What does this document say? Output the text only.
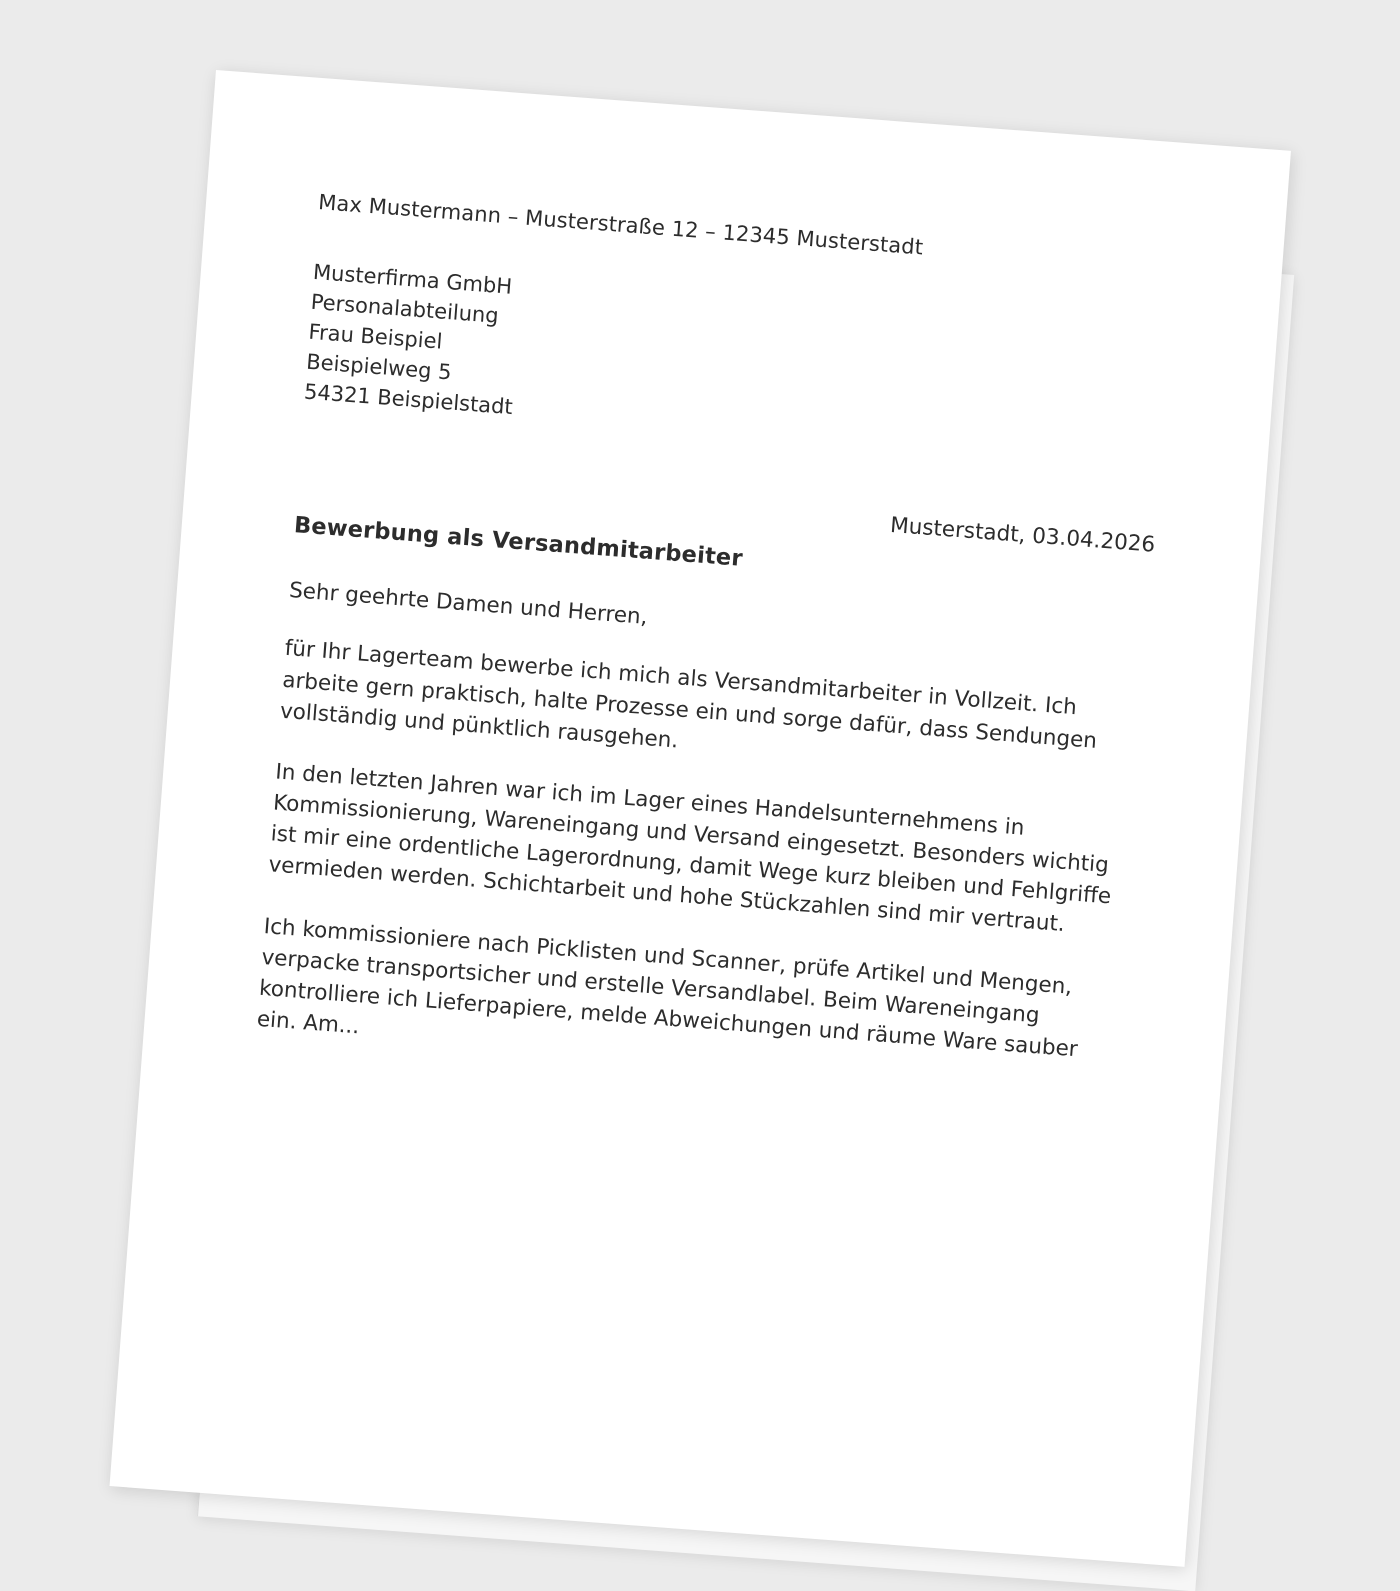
Max Mustermann – Musterstraße 12 – 12345 Musterstadt
Musterfirma GmbH
Personalabteilung
Frau Beispiel
Beispielweg 5
54321 Beispielstadt
Musterstadt, 03.04.2026
Bewerbung als Versandmitarbeiter
Sehr geehrte Damen und Herren,
für Ihr Lagerteam bewerbe ich mich als Versandmitarbeiter in Vollzeit. Ich arbeite gern praktisch, halte Prozesse ein und sorge dafür, dass Sendungen vollständig und pünktlich rausgehen.
In den letzten Jahren war ich im Lager eines Handelsunternehmens in Kommissionierung, Wareneingang und Versand eingesetzt. Besonders wichtig ist mir eine ordentliche Lagerordnung, damit Wege kurz bleiben und Fehlgriffe vermieden werden. Schichtarbeit und hohe Stückzahlen sind mir vertraut.
Ich kommissioniere nach Picklisten und Scanner, prüfe Artikel und Mengen, verpacke transportsicher und erstelle Versandlabel. Beim Wareneingang kontrolliere ich Lieferpapiere, melde Abweichungen und räume Ware sauber ein. Am...
